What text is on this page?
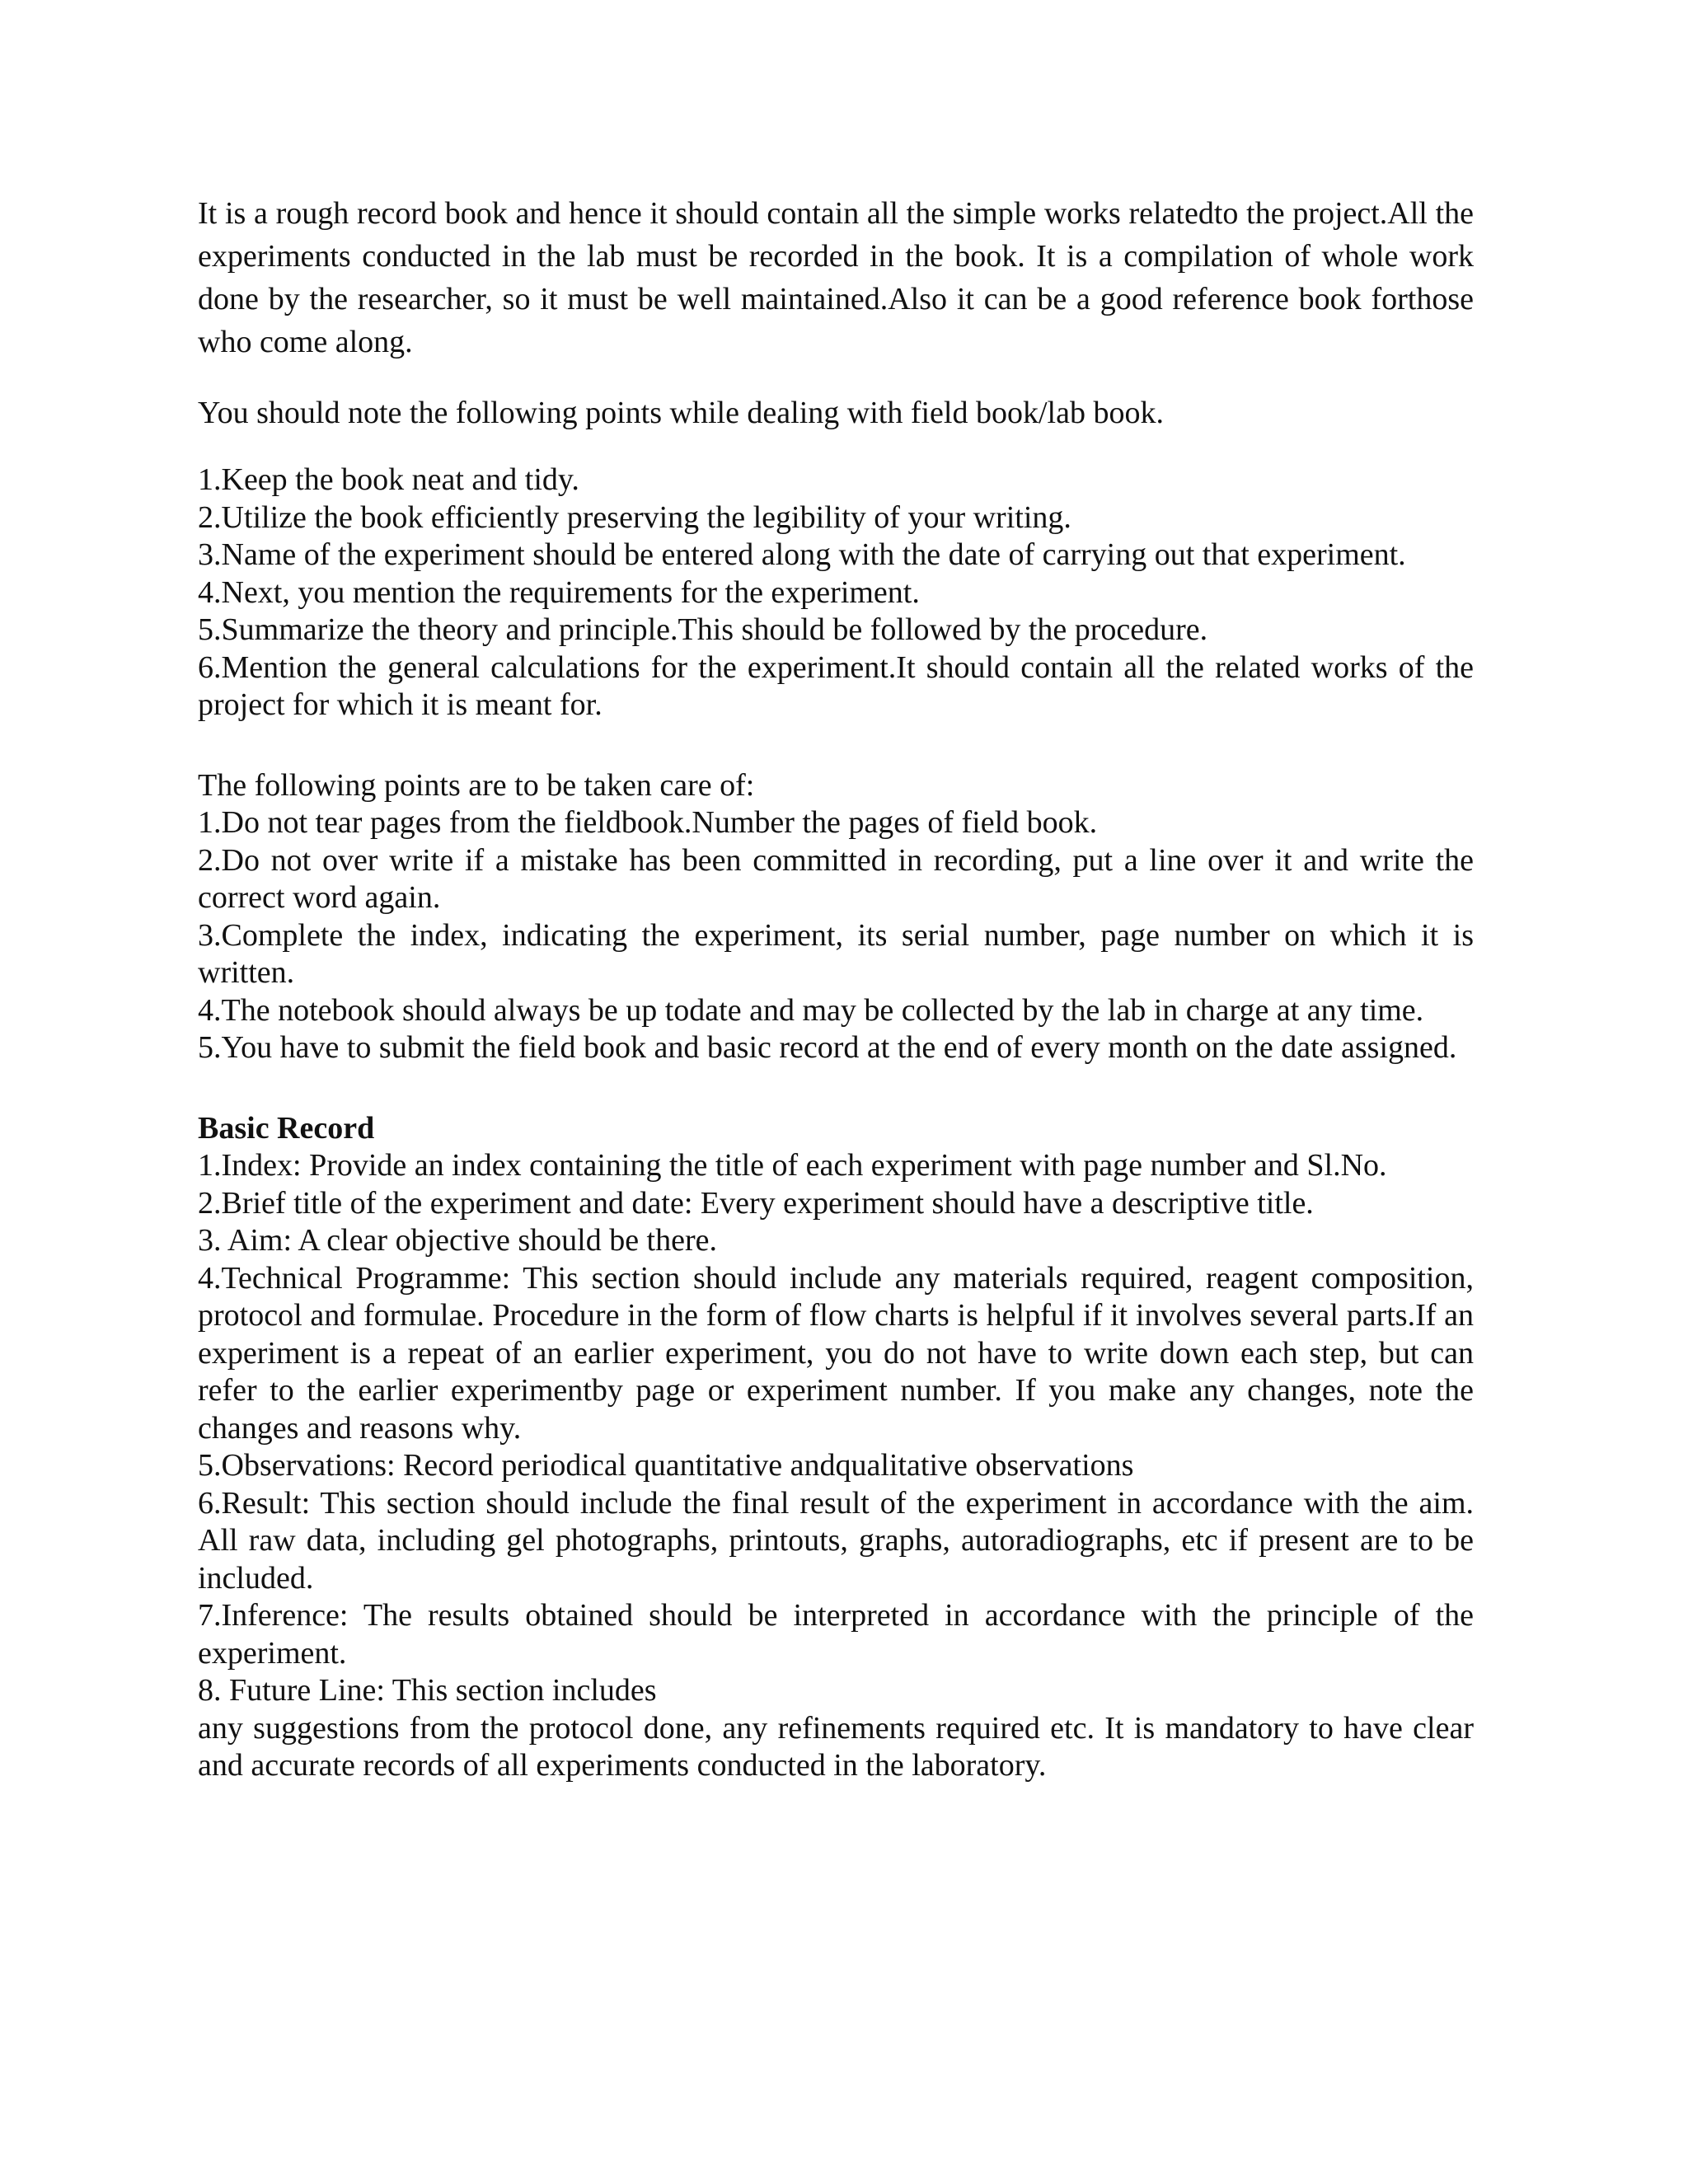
It is a rough record book and hence it should contain all the simple works relatedto the project.All the experiments conducted in the lab must be recorded in the book. It is a compilation of whole work done by the researcher, so it must be well maintained.Also it can be a good reference book forthose who come along.

You should note the following points while dealing with field book/lab book.

1.Keep the book neat and tidy.

2.Utilize the book efficiently preserving the legibility of your writing.

3.Name of the experiment should be entered along with the date of carrying out that experiment.

4.Next, you mention the requirements for the experiment.

5.Summarize the theory and principle.This should be followed by the procedure.

6.Mention the general calculations for the experiment.It should contain all the related works of the project for which it is meant for.

The following points are to be taken care of:

1.Do not tear pages from the fieldbook.Number the pages of field book.

2.Do not over write if a mistake has been committed in recording, put a line over it and write the correct word again.

3.Complete the index, indicating the experiment, its serial number, page number on which it is written.

4.The notebook should always be up todate and may be collected by the lab in charge at any time.

5.You have to submit the field book and basic record at the end of every month on the date assigned.

Basic Record

1.Index: Provide an index containing the title of each experiment with page number and Sl.No.

2.Brief title of the experiment and date: Every experiment should have a descriptive title.

3. Aim: A clear objective should be there.

4.Technical Programme: This section should include any materials required, reagent composition, protocol and formulae. Procedure in the form of flow charts is helpful if it involves several parts.If an experiment is a repeat of an earlier experiment, you do not have to write down each step, but can refer to the earlier experimentby page or experiment number. If you make any changes, note the changes and reasons why.

5.Observations: Record periodical quantitative andqualitative observations

6.Result: This section should include the final result of the experiment in accordance with the aim. All raw data, including gel photographs, printouts, graphs, autoradiographs, etc if present are to be included.

7.Inference: The results obtained should be interpreted in accordance with the principle of the experiment.

8. Future Line: This section includes

any suggestions from the protocol done, any refinements required etc. It is mandatory to have clear and accurate records of all experiments conducted in the laboratory.
